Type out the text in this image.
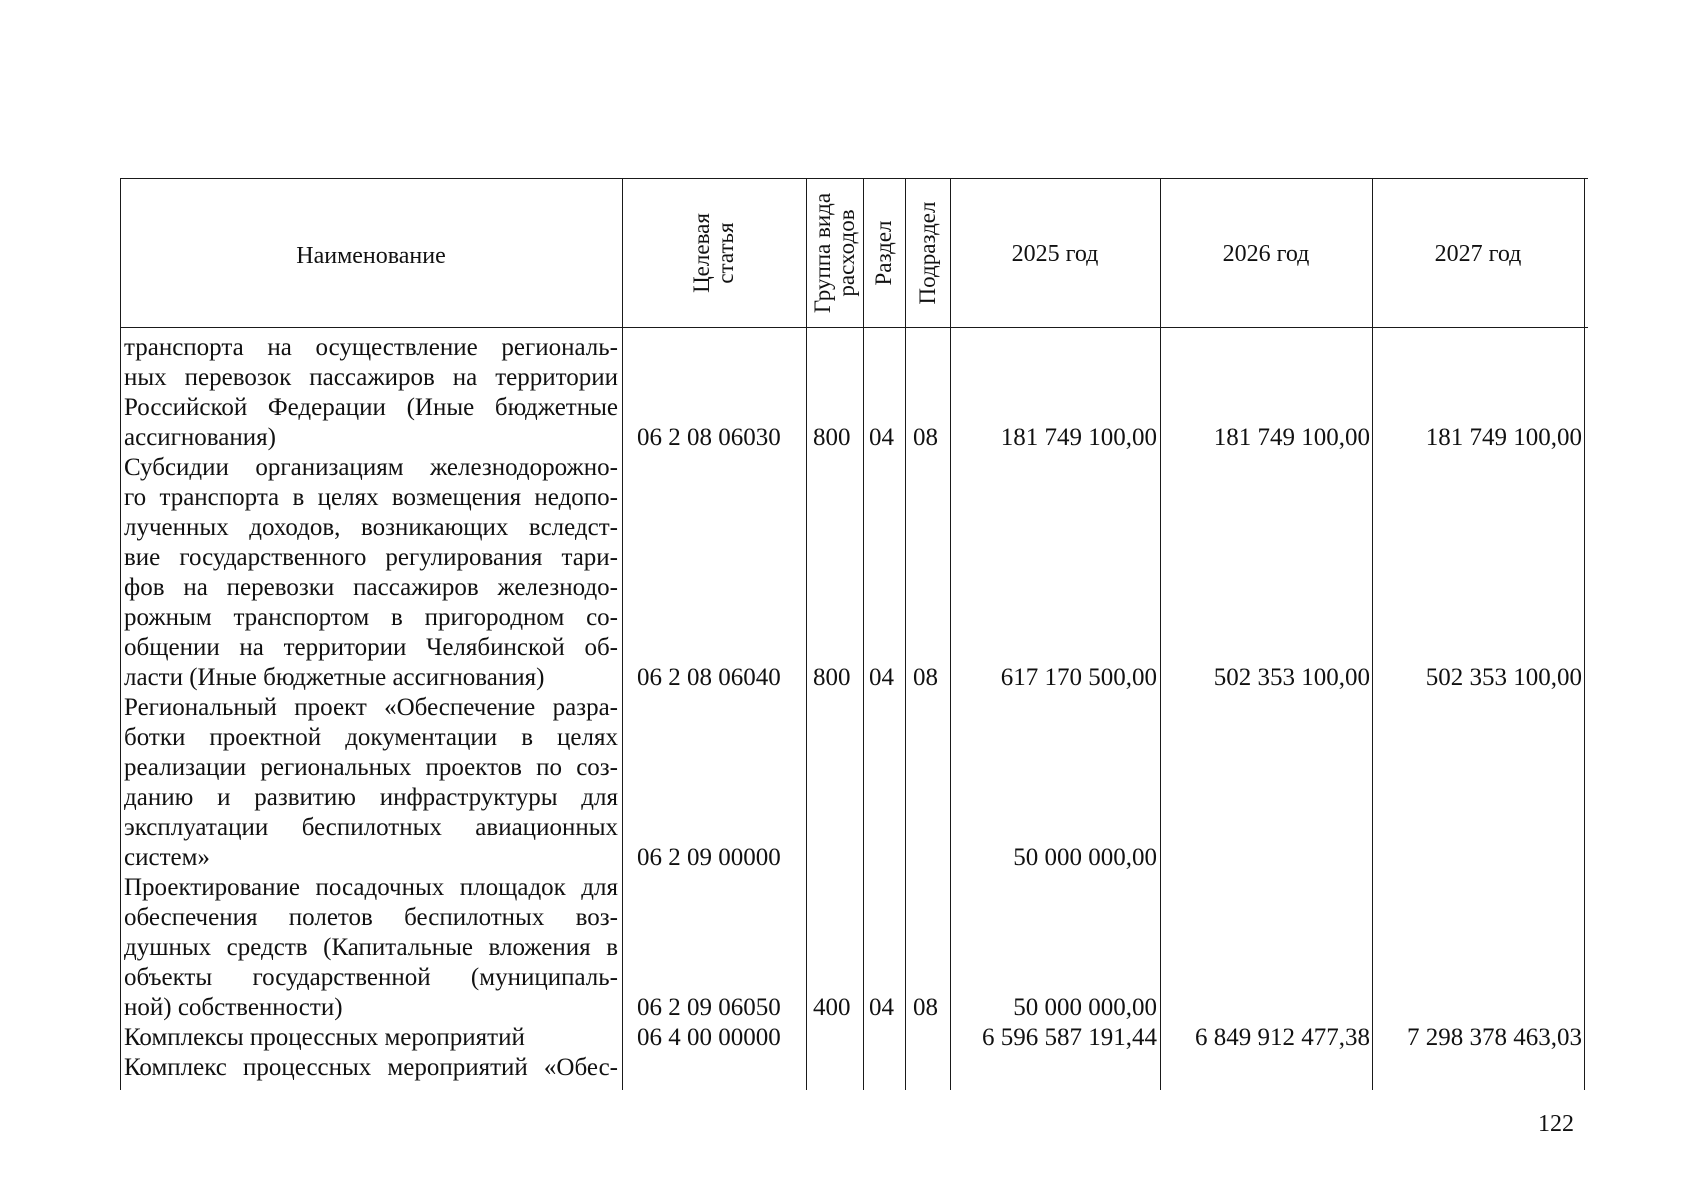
Наименование	Целевая статья	Группа вида расходов Раздел Подраздел	2025 год	2026 год	2027 год
транспорта на осуществление региональ-
ных перевозок пассажиров на территории
Российской Федерации (Иные бюджетные
ассигнования)	06 2 08 06030 800 04 08	181 749 100,00 181 749 100,00 181 749 100,00
Субсидии организациям железнодорожно-
го транспорта в целях возмещения недопо-
лученных доходов, возникающих вследст-
вие государственного регулирования тари-
фов на перевозки пассажиров железнодо-
рожным транспортом в пригородном со-
общении на территории Челябинской об-
ласти (Иные бюджетные ассигнования)	06 2 08 06040 800 04 08	617 170 500,00 502 353 100,00 502 353 100,00
Региональный проект «Обеспечение разра-
ботки проектной документации в целях
реализации региональных проектов по соз-
данию и развитию инфраструктуры для
эксплуатации беспилотных авиационных
систем»	06 2 09 00000	50 000 000,00
Проектирование посадочных площадок для
обеспечения полетов беспилотных воз-
душных средств (Капитальные вложения в
объекты государственной (муниципаль-
ной) собственности)	06 2 09 06050 400 04 08	50 000 000,00
Комплексы процессных мероприятий	06 4 00 00000	6 596 587 191,44 6 849 912 477,38 7 298 378 463,03
Комплекс процессных мероприятий «Обес-
122
